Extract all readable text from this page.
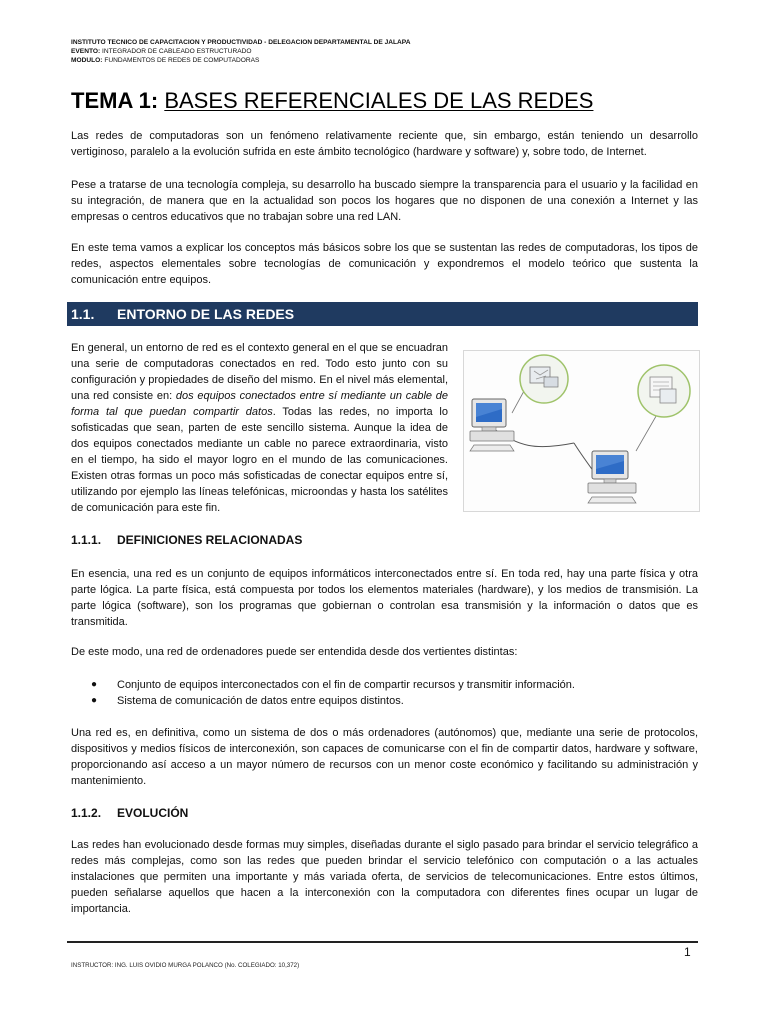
INSTITUTO TECNICO DE CAPACITACION Y PRODUCTIVIDAD - DELEGACION DEPARTAMENTAL DE JALAPA
EVENTO: INTEGRADOR DE CABLEADO ESTRUCTURADO
MODULO: FUNDAMENTOS DE REDES DE COMPUTADORAS
TEMA 1: BASES REFERENCIALES DE LAS REDES

Las redes de computadoras son un fenómeno relativamente reciente que, sin embargo, están teniendo un desarrollo vertiginoso, paralelo a la evolución sufrida en este ámbito tecnológico (hardware y software) y, sobre todo, de Internet.

Pese a tratarse de una tecnología compleja, su desarrollo ha buscado siempre la transparencia para el usuario y la facilidad en su integración, de manera que en la actualidad son pocos los hogares que no disponen de una conexión a Internet y las empresas o centros educativos que no trabajan sobre una red LAN.

En este tema vamos a explicar los conceptos más básicos sobre los que se sustentan las redes de computadoras, los tipos de redes, aspectos elementales sobre tecnologías de comunicación y expondremos el modelo teórico que sustenta la comunicación entre equipos.

1.1. ENTORNO DE LAS REDES

En general, un entorno de red es el contexto general en el que se encuadran una serie de computadoras conectados en red. Todo esto junto con su configuración y propiedades de diseño del mismo. En el nivel más elemental, una red consiste en: dos equipos conectados entre sí mediante un cable de forma tal que puedan compartir datos. Todas las redes, no importa lo sofisticadas que sean, parten de este sencillo sistema. Aunque la idea de dos equipos conectados mediante un cable no parece extraordinaria, visto en el tiempo, ha sido el mayor logro en el mundo de las comunicaciones. Existen otras formas un poco más sofisticadas de conectar equipos entre sí, utilizando por ejemplo las líneas telefónicas, microondas y hasta los satélites de comunicación para este fin.

1.1.1. DEFINICIONES RELACIONADAS

En esencia, una red es un conjunto de equipos informáticos interconectados entre sí. En toda red, hay una parte física y otra parte lógica. La parte física, está compuesta por todos los elementos materiales (hardware), y los medios de transmisión. La parte lógica (software), son los programas que gobiernan o controlan esa transmisión y la información o datos que es transmitida.

De este modo, una red de ordenadores puede ser entendida desde dos vertientes distintas:

● Conjunto de equipos interconectados con el fin de compartir recursos y transmitir información.
● Sistema de comunicación de datos entre equipos distintos.

Una red es, en definitiva, como un sistema de dos o más ordenadores (autónomos) que, mediante una serie de protocolos, dispositivos y medios físicos de interconexión, son capaces de comunicarse con el fin de compartir datos, hardware y software, proporcionando así acceso a un mayor número de recursos con un menor coste económico y facilitando su administración y mantenimiento.

1.1.2. EVOLUCIÓN

Las redes han evolucionado desde formas muy simples, diseñadas durante el siglo pasado para brindar el servicio telegráfico a redes más complejas, como son las redes que pueden brindar el servicio telefónico con computación o a las actuales instalaciones que permiten una importante y más variada oferta, de servicios de telecomunicaciones. Entre estos últimos, pueden señalarse aquellos que hacen a la interconexión con la computadora con diferentes fines ocupar un lugar de importancia.

1
INSTRUCTOR: ING. LUIS OVIDIO MURGA POLANCO (No. COLEGIADO: 10,372)
